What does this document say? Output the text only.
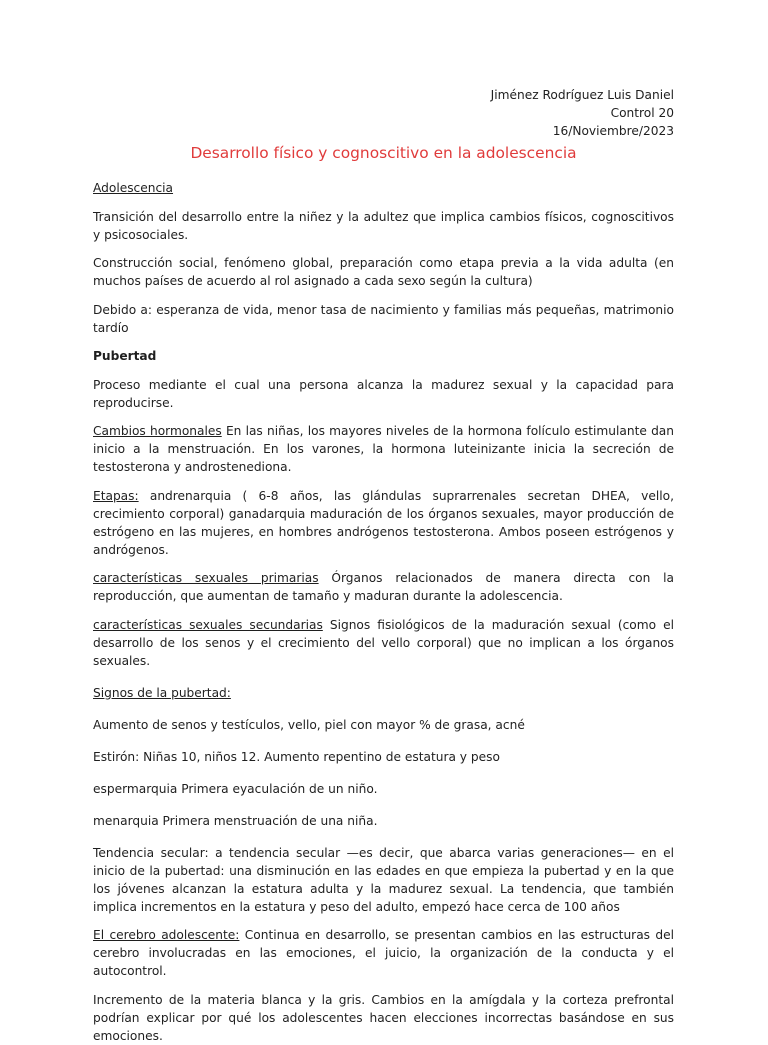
Jiménez Rodríguez Luis Daniel
Control 20
16/Noviembre/2023
Desarrollo físico y cognoscitivo en la adolescencia

Adolescencia

Transición del desarrollo entre la niñez y la adultez que implica cambios físicos, cognoscitivos y psicosociales.

Construcción social, fenómeno global, preparación como etapa previa a la vida adulta (en muchos países de acuerdo al rol asignado a cada sexo según la cultura)

Debido a: esperanza de vida, menor tasa de nacimiento y familias más pequeñas, matrimonio tardío

Pubertad

Proceso mediante el cual una persona alcanza la madurez sexual y la capacidad para reproducirse.

Cambios hormonales En las niñas, los mayores niveles de la hormona folículo estimulante dan inicio a la menstruación. En los varones, la hormona luteinizante inicia la secreción de testosterona y androstenediona.

Etapas: andrenarquia ( 6-8 años, las glándulas suprarrenales secretan DHEA, vello, crecimiento corporal) ganadarquia maduración de los órganos sexuales, mayor producción de estrógeno en las mujeres, en hombres andrógenos testosterona. Ambos poseen estrógenos y andrógenos.

características sexuales primarias Órganos relacionados de manera directa con la reproducción, que aumentan de tamaño y maduran durante la adolescencia.

características sexuales secundarias Signos fisiológicos de la maduración sexual (como el desarrollo de los senos y el crecimiento del vello corporal) que no implican a los órganos sexuales.

Signos de la pubertad:

Aumento de senos y testículos, vello, piel con mayor % de grasa, acné

Estirón: Niñas 10, niños 12. Aumento repentino de estatura y peso

espermarquia Primera eyaculación de un niño.

menarquia Primera menstruación de una niña.

Tendencia secular: a tendencia secular —es decir, que abarca varias generaciones— en el inicio de la pubertad: una disminución en las edades en que empieza la pubertad y en la que los jóvenes alcanzan la estatura adulta y la madurez sexual. La tendencia, que también implica incrementos en la estatura y peso del adulto, empezó hace cerca de 100 años

El cerebro adolescente: Continua en desarrollo, se presentan cambios en las estructuras del cerebro involucradas en las emociones, el juicio, la organización de la conducta y el autocontrol.

Incremento de la materia blanca y la gris. Cambios en la amígdala y la corteza prefrontal podrían explicar por qué los adolescentes hacen elecciones incorrectas basándose en sus emociones.
